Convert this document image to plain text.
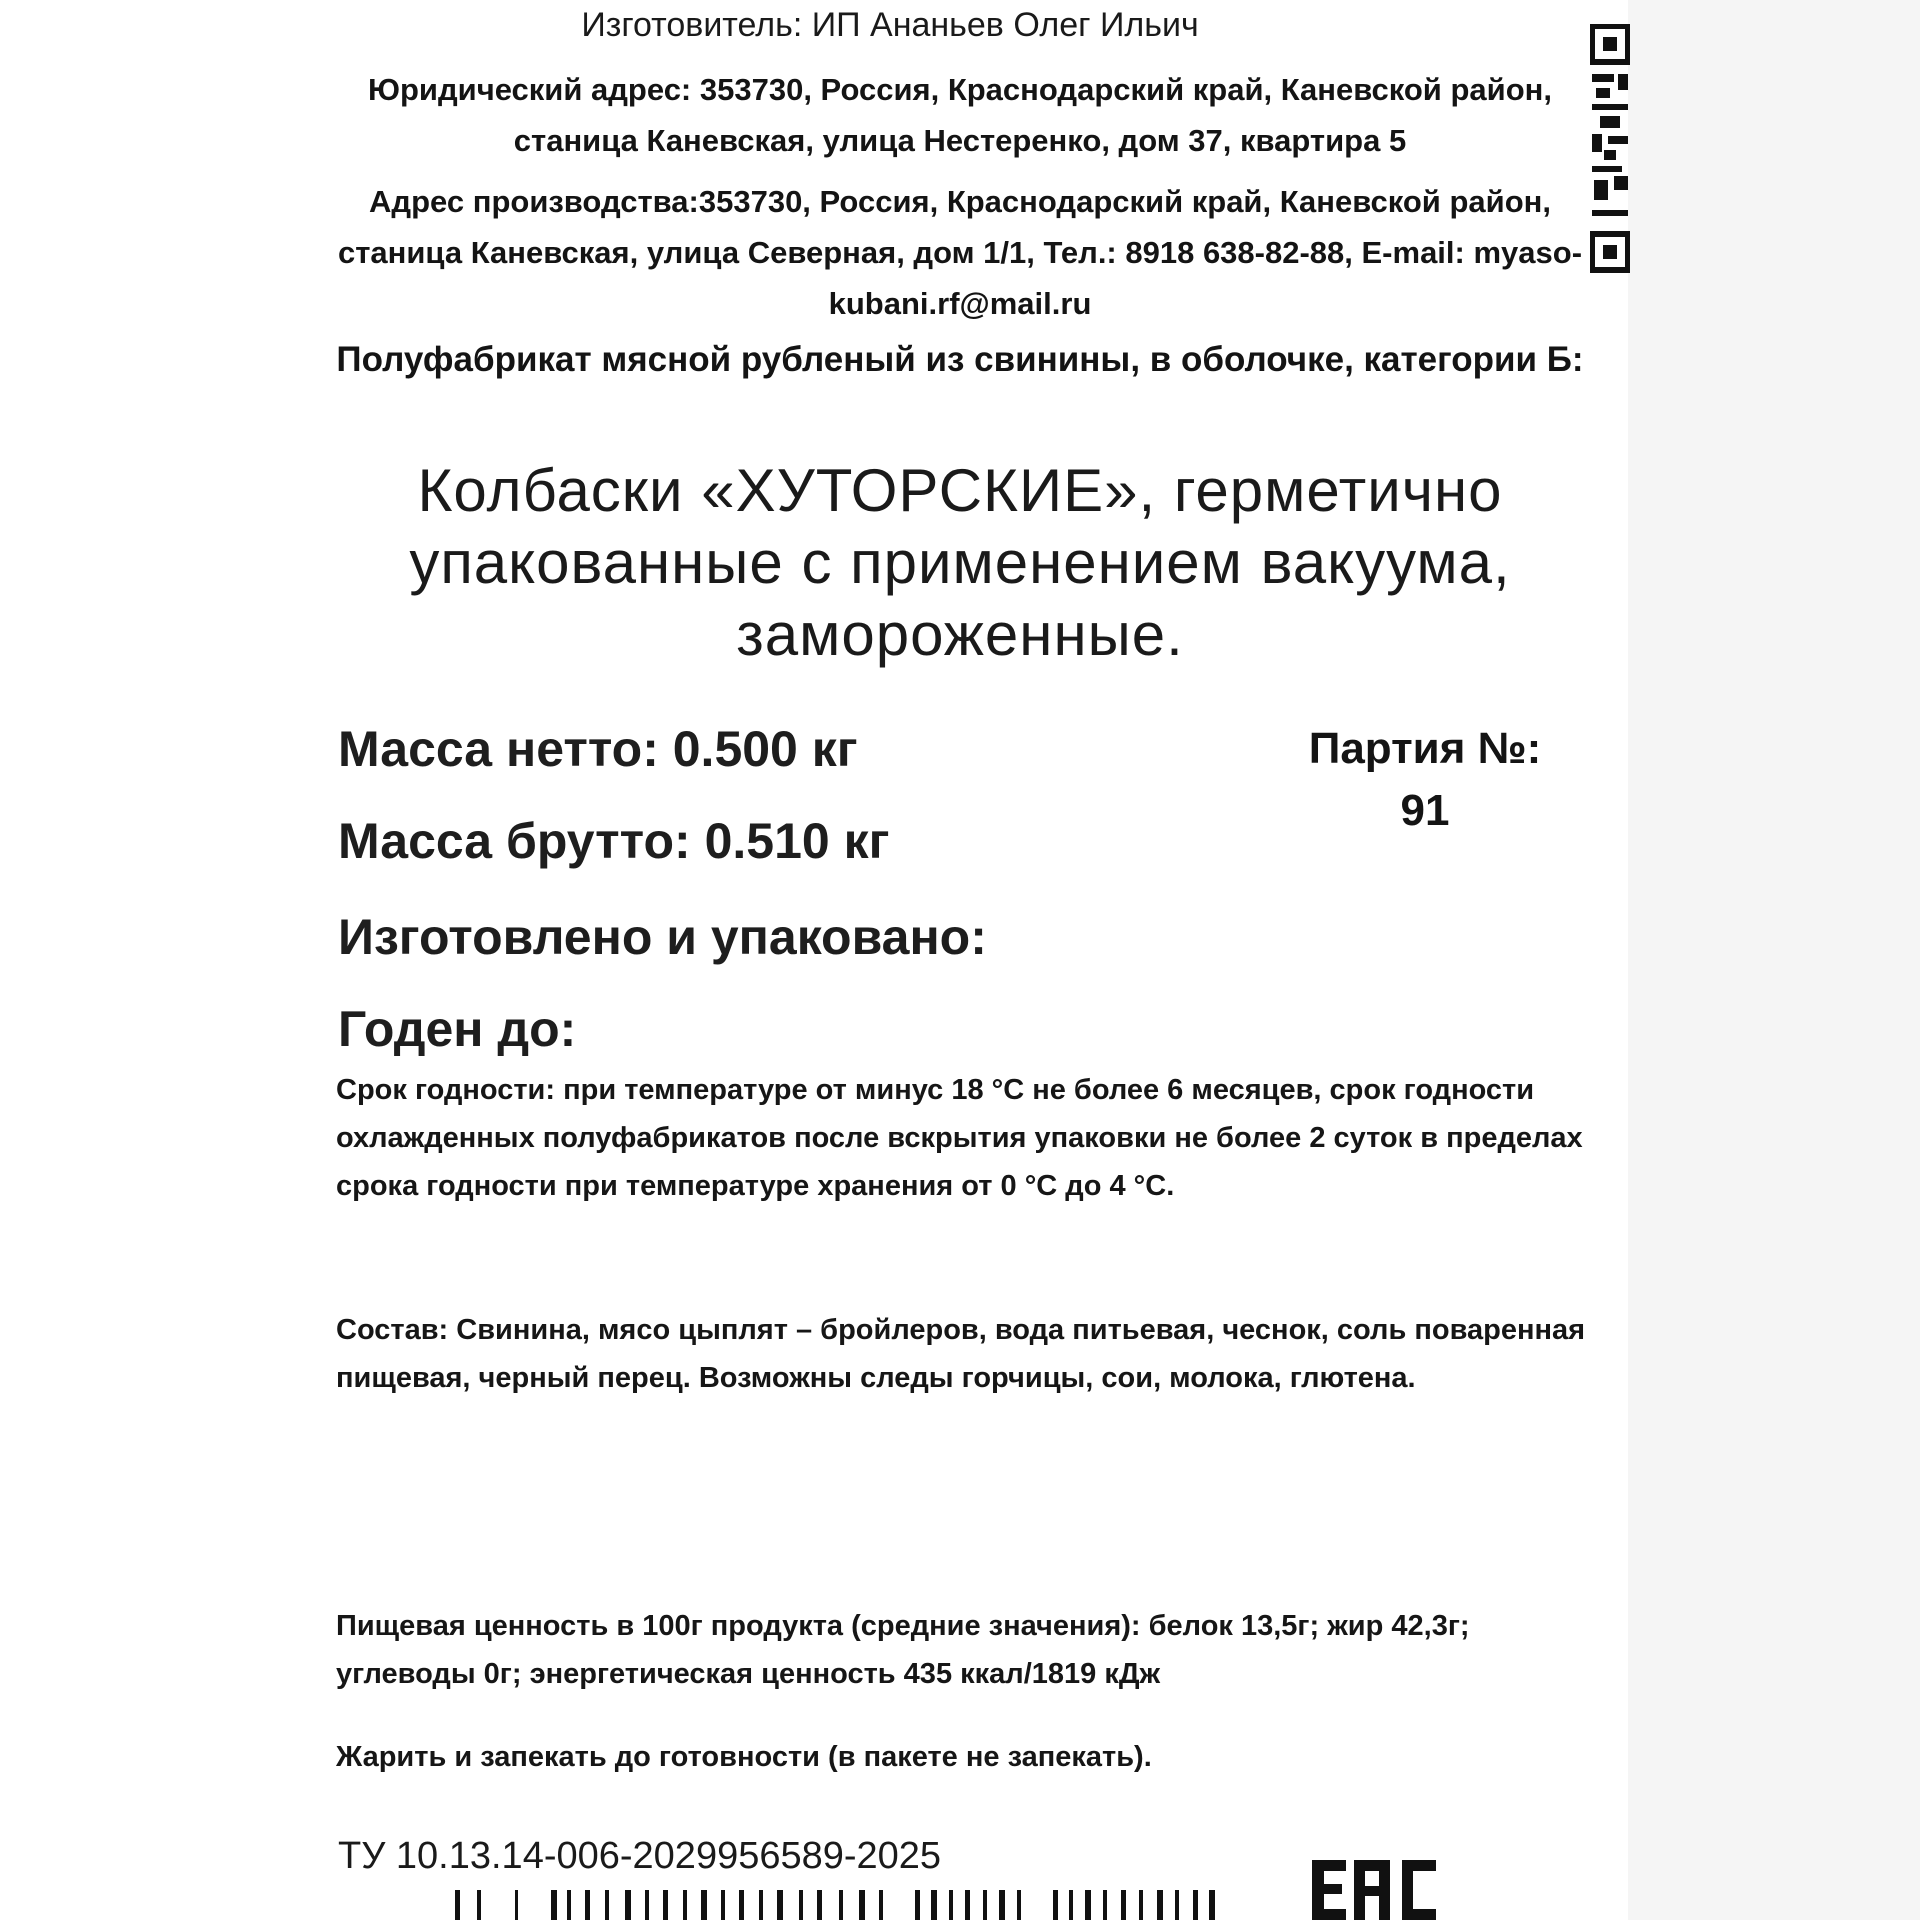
Изготовитель: ИП Ананьев Олег Ильич

Юридический адрес: 353730, Россия, Краснодарский край, Каневской район, станица Каневская, улица Нестеренко, дом 37, квартира 5

Адрес производства:353730, Россия, Краснодарский край, Каневской район, станица Каневская, улица Северная, дом 1/1, Тел.: 8918 638-82-88, E-mail: myaso-kubani.rf@mail.ru

Полуфабрикат мясной рубленый из свинины, в оболочке, категории Б:

Колбаски «ХУТОРСКИЕ», герметично
упакованные с применением вакуума,
замороженные.

Масса нетто: 0.500 кг

Масса брутто: 0.510 кг

Партия №:

91

Изготовлено и упаковано:

Годен до:

Срок годности: при температуре от минус 18 °С не более 6 месяцев, срок годности охлажденных полуфабрикатов после вскрытия упаковки не более 2 суток в пределах срока годности при температуре хранения от 0 °С до 4 °С.

Состав: Свинина, мясо цыплят – бройлеров, вода питьевая, чеснок, соль поваренная пищевая, черный перец. Возможны следы горчицы, сои, молока, глютена.

Пищевая ценность в 100г продукта (средние значения): белок 13,5г; жир 42,3г; углеводы 0г; энергетическая ценность 435 ккал/1819 кДж

Жарить и запекать до готовности (в пакете не запекать).

ТУ 10.13.14-006-2029956589-2025
